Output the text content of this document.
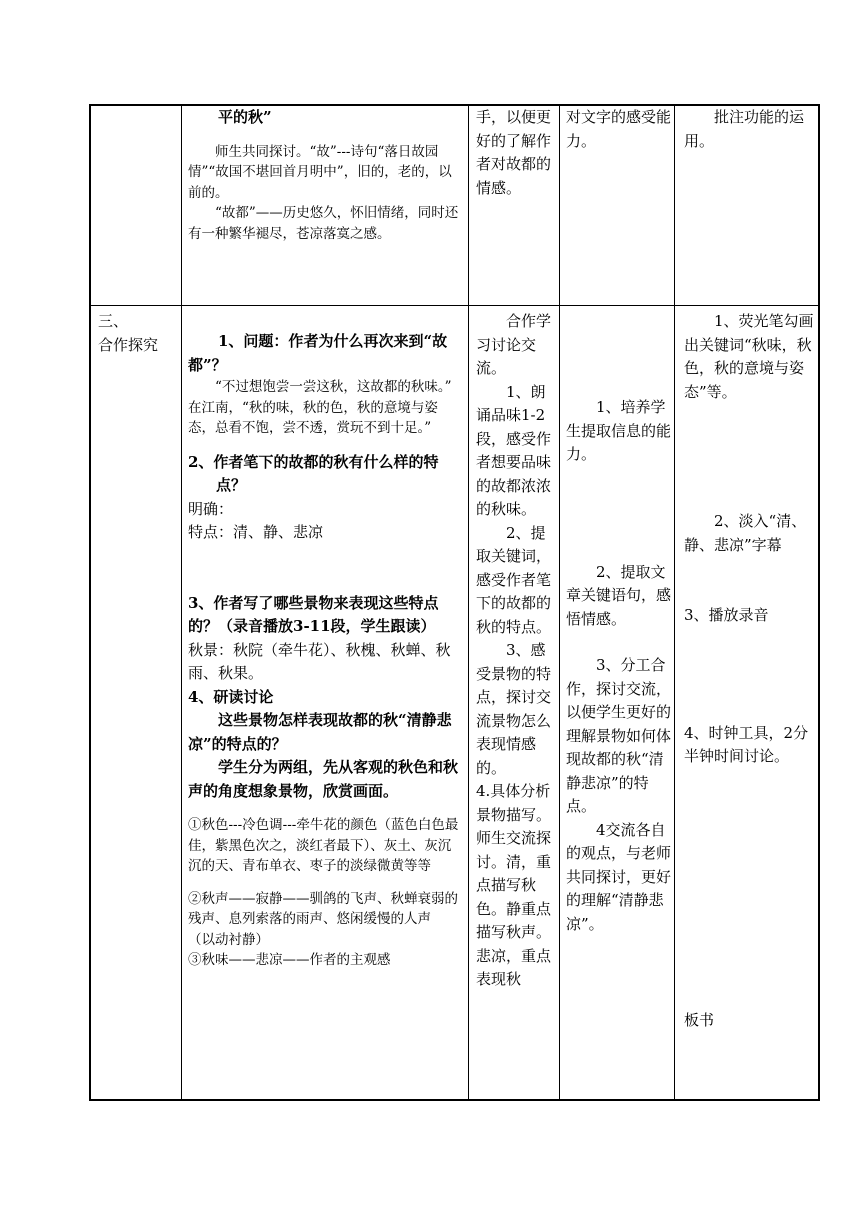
平的秋”

师生共同探讨。“故”---诗句“落日故园情”“故国不堪回首月明中”，旧的，老的，以前的。

“故都”——历史悠久，怀旧情绪，同时还有一种繁华褪尽，苍凉落寞之感。

手，以便更好的了解作者对故都的情感。

对文字的感受能力。

批注功能的运用。

三、

合作探究	1、问题：作者为什么再次来到“故都”？

“不过想饱尝一尝这秋，这故都的秋味。”

在江南，“秋的味，秋的色，秋的意境与姿态，总看不饱，尝不透，赏玩不到十足。”

2、作者笔下的故都的秋有什么样的特点？

明确：

特点：清、静、悲凉

3、作者写了哪些景物来表现这些特点的？（录音播放3-11段，学生跟读）

秋景：秋院（牵牛花）、秋槐、秋蝉、秋雨、秋果。

4、研读讨论

这些景物怎样表现故都的秋“清静悲凉”的特点的？

学生分为两组，先从客观的秋色和秋声的角度想象景物，欣赏画面。

①秋色---冷色调---牵牛花的颜色（蓝色白色最佳，紫黑色次之，淡红者最下）、灰土、灰沉沉的天、青布单衣、枣子的淡绿微黄等等

②秋声——寂静——驯鸽的飞声、秋蝉衰弱的残声、息列索落的雨声、悠闲缓慢的人声　（以动衬静）

③秋味——悲凉——作者的主观感

合作学习讨论交流。

1、朗诵品味1-2段，感受作者想要品味的故都浓浓的秋味。

2、提取关键词，感受作者笔下的故都的秋的特点。

3、感受景物的特点，探讨交流景物怎么表现情感的。

4.具体分析景物描写。师生交流探讨。清，重点描写秋色。静重点描写秋声。悲凉，重点表现秋

1、培养学生提取信息的能力。

2、提取文章关键语句，感悟情感。

3、分工合作，探讨交流，以便学生更好的理解景物如何体现故都的秋“清静悲凉”的特点。

4交流各自的观点，与老师共同探讨，更好的理解“清静悲凉”。

1、荧光笔勾画出关键词“秋味，秋色，秋的意境与姿态”等。

2、淡入“清、静、悲凉”字幕

3、播放录音

4、时钟工具，2分半钟时间讨论。

板书
